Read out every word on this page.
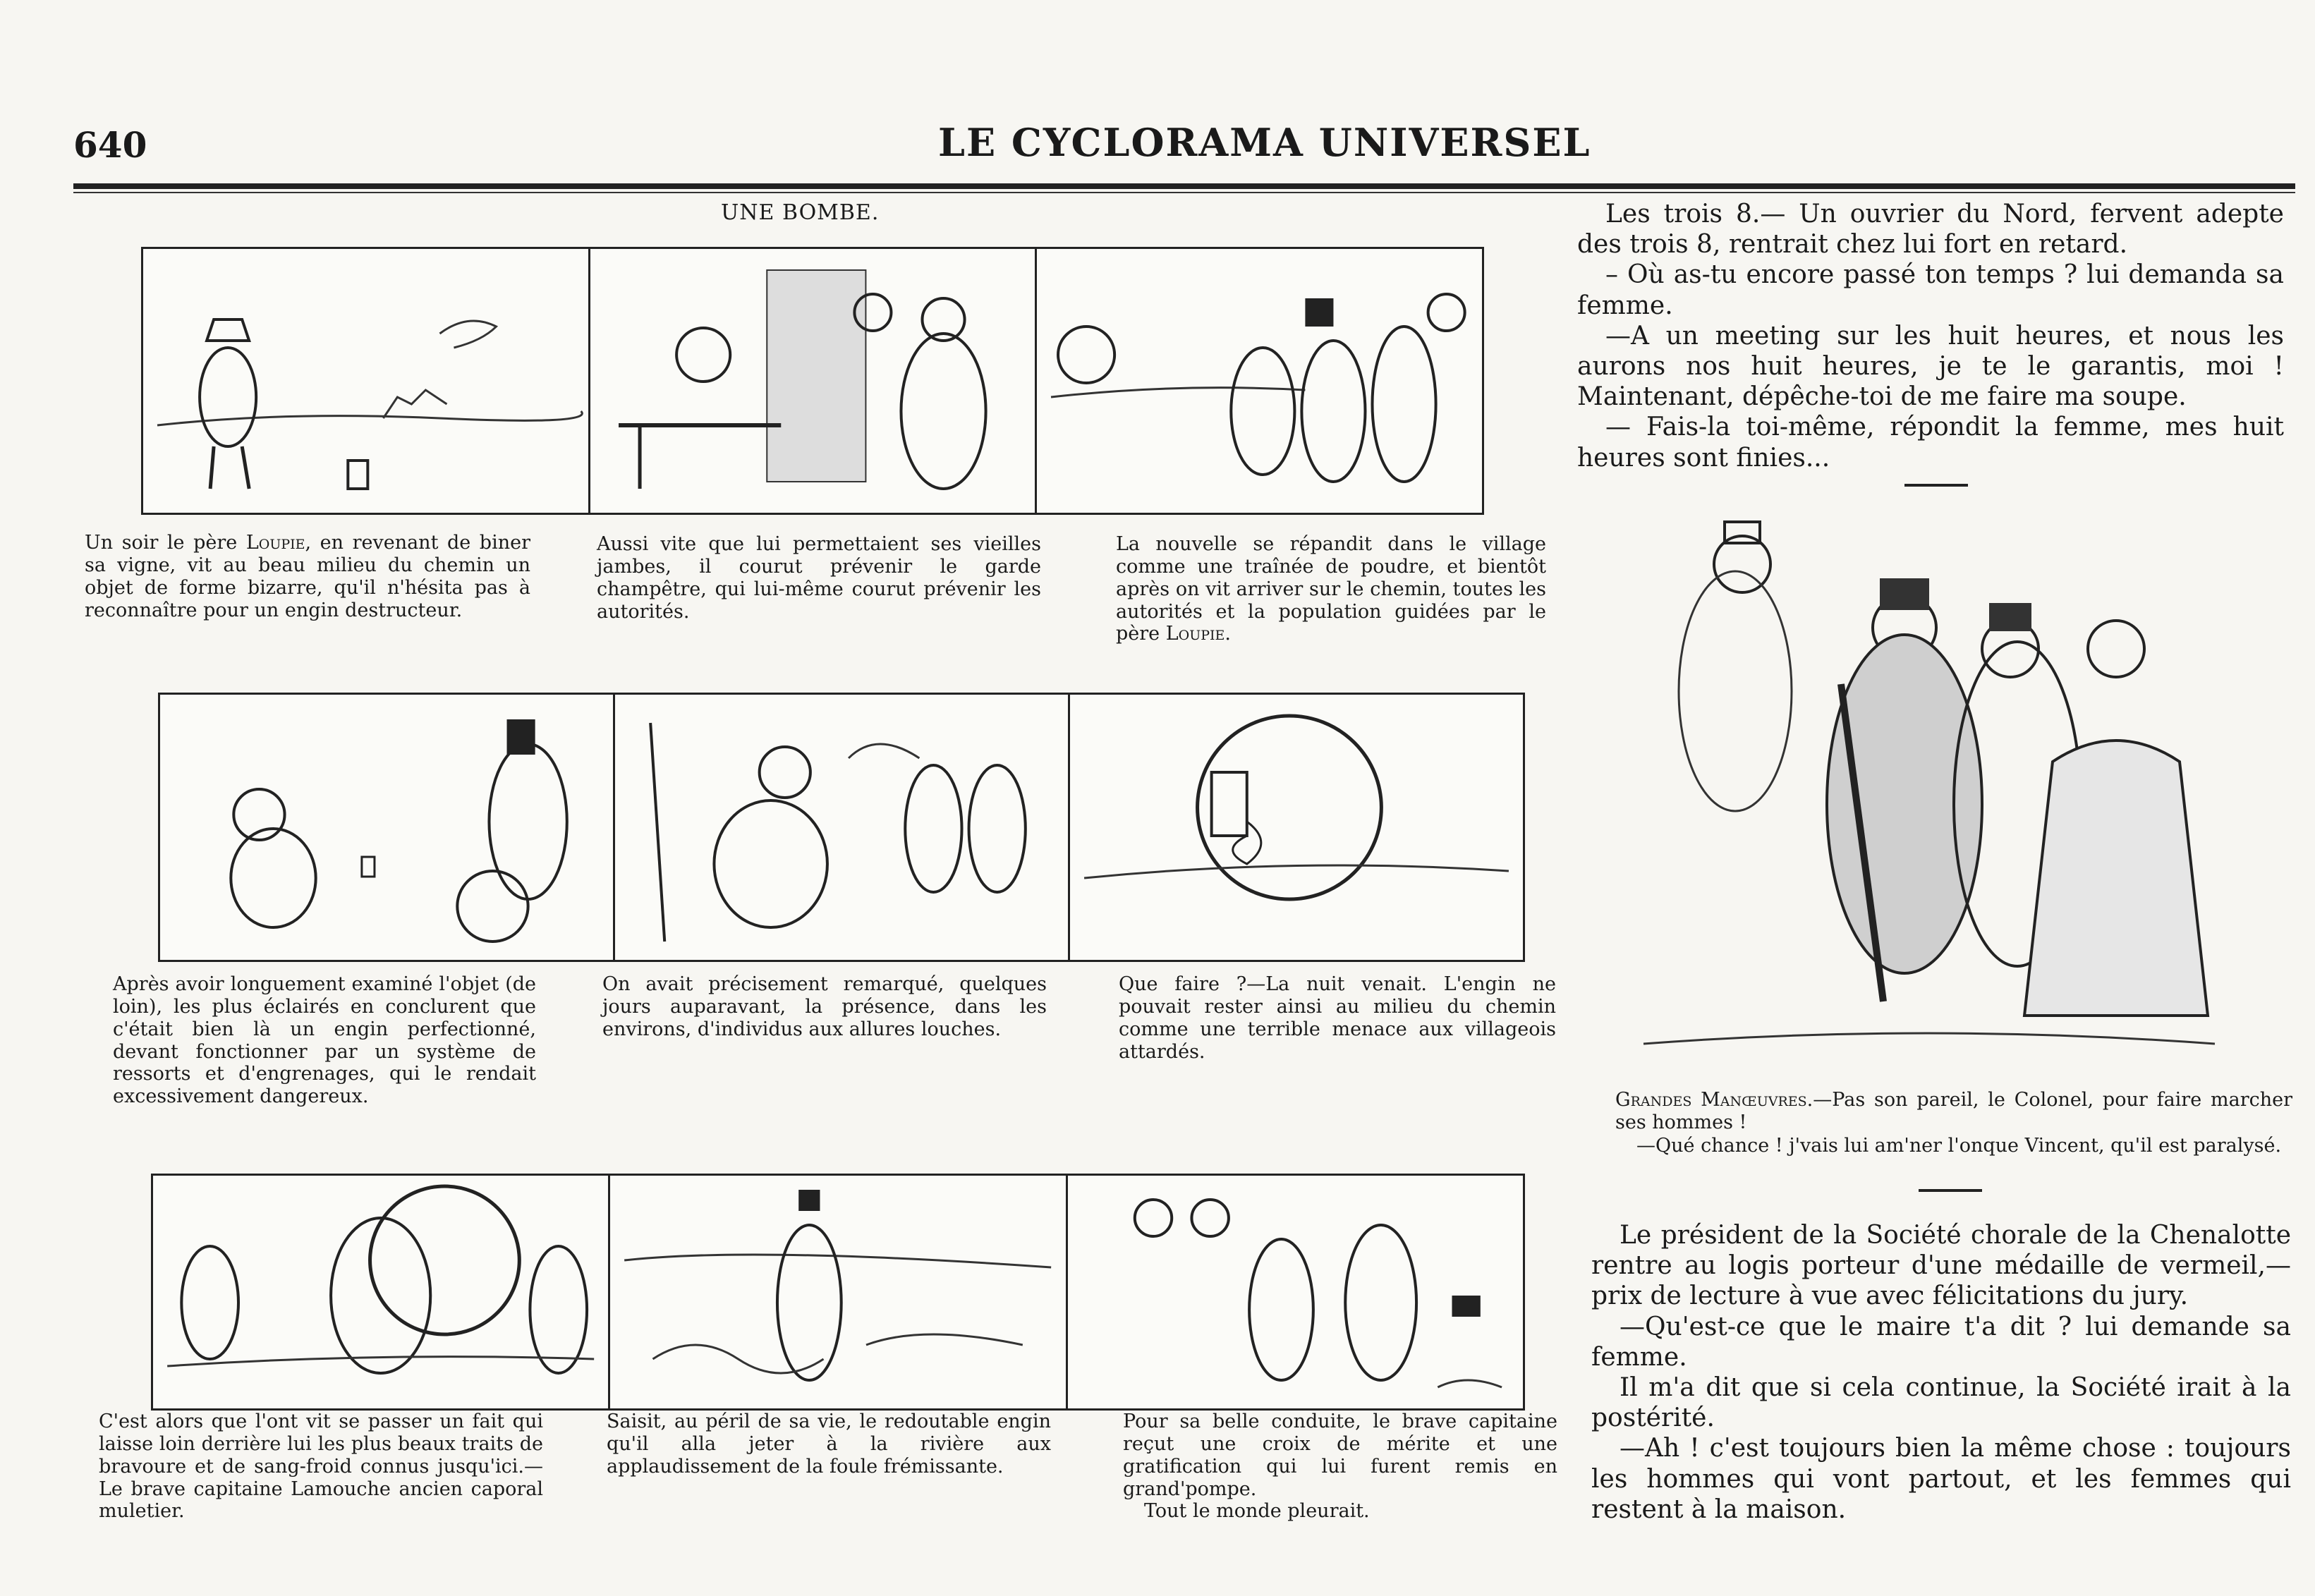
640	LE CYCLORAMA UNIVERSEL
UNE BOMBE.
Un soir le père Loupie, en revenant de biner sa vigne, vit au beau milieu du chemin un objet de forme bizarre, qu'il n'hésita pas à reconnaître pour un engin destructeur.
Aussi vite que lui permettaient ses vieilles jambes, il courut prévenir le garde champêtre, qui lui-même courut prévenir les autorités.
La nouvelle se répandit dans le village comme une traînée de poudre, et bientôt après on vit arriver sur le chemin, toutes les autorités et la population guidées par le père Loupie.
Après avoir longuement examiné l'objet (de loin), les plus éclairés en conclurent que c'était bien là un engin perfectionné, devant fonctionner par un système de ressorts et d'engrenages, qui le rendait excessivement dangereux.
On avait précisement remarqué, quelques jours auparavant, la présence, dans les environs, d'individus aux allures louches.
Que faire ?—La nuit venait. L'engin ne pouvait rester ainsi au milieu du chemin comme une terrible menace aux villageois attardés.
C'est alors que l'ont vit se passer un fait qui laisse loin derrière lui les plus beaux traits de bravoure et de sang-froid connus jusqu'ici.—Le brave capitaine Lamouche ancien caporal muletier.
Saisit, au péril de sa vie, le redoutable engin qu'il alla jeter à la rivière aux applaudissement de la foule frémissante.
Pour sa belle conduite, le brave capitaine reçut une croix de mérite et une gratification qui lui furent remis en grand'pompe.
Tout le monde pleurait.

Les trois 8.— Un ouvrier du Nord, fervent adepte des trois 8, rentrait chez lui fort en retard.

– Où as-tu encore passé ton temps ? lui demanda sa femme.

—A un meeting sur les huit heures, et nous les aurons nos huit heures, je te le garantis, moi ! Maintenant, dépêche-toi de me faire ma soupe.

— Fais-la toi-même, répondit la femme, mes huit heures sont finies...

Grandes Manœuvres.—Pas son pareil, le Colonel, pour faire marcher ses hommes !

—Qué chance ! j'vais lui am'ner l'onque Vincent, qu'il est paralysé.

Le président de la Société chorale de la Chenalotte rentre au logis porteur d'une médaille de vermeil,—prix de lecture à vue avec félicitations du jury.

—Qu'est-ce que le maire t'a dit ? lui demande sa femme.

Il m'a dit que si cela continue, la Société irait à la postérité.

—Ah ! c'est toujours bien la même chose : toujours les hommes qui vont partout, et les femmes qui restent à la maison.
